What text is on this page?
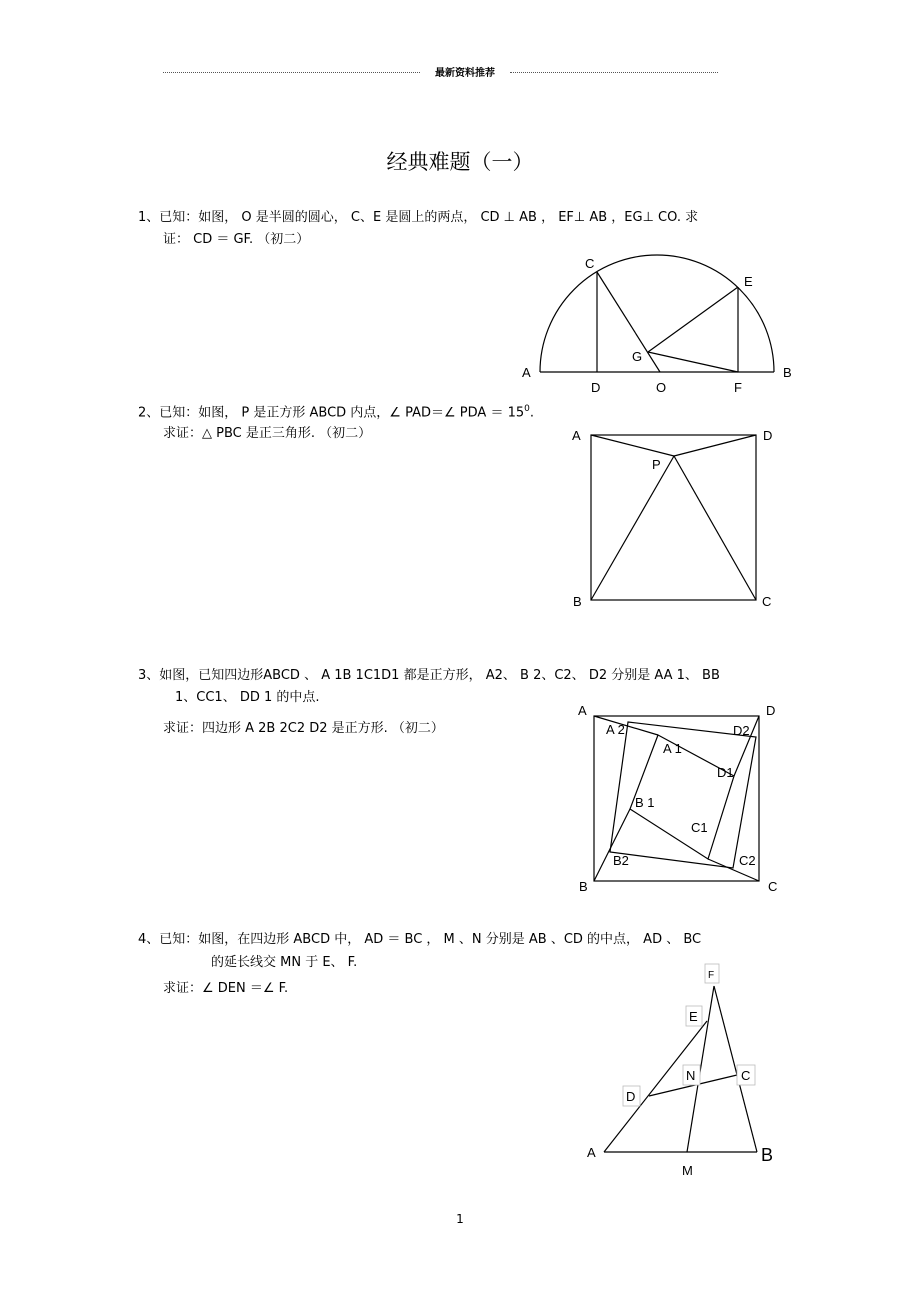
最新资料推荐
经典难题（一）
1、已知：如图， O 是半圆的圆心， C、E 是圆上的两点， CD ⊥ AB ， EF⊥ AB ，EG⊥ CO. 求
证： CD ＝ GF. （初二）
2、已知：如图， P 是正方形 ABCD 内点，∠ PAD＝∠ PDA ＝ $15^0$.
求证：△ PBC 是正三角形. （初二）
3、如图，已知四边形ABCD 、 A 1B 1C1D1 都是正方形， A2、 B 2、C2、 D2 分别是 AA 1、 BB
1、CC1、 DD 1 的中点.
求证：四边形 A 2B 2C2 D2 是正方形. （初二）
4、已知：如图，在四边形 ABCD 中， AD ＝ BC ， M 、N 分别是 AB 、CD 的中点， AD 、 BC
的延长线交 MN 于 E、 F.
求证：∠ DEN ＝∠ F.
C
E
G
A
D	O	F
B
A	D
P
B	C
A	D
A 2	D2
A 1
D1
B 1
C1
B2	C2
B	C
F
E
N	C
D
A	B
M
1
